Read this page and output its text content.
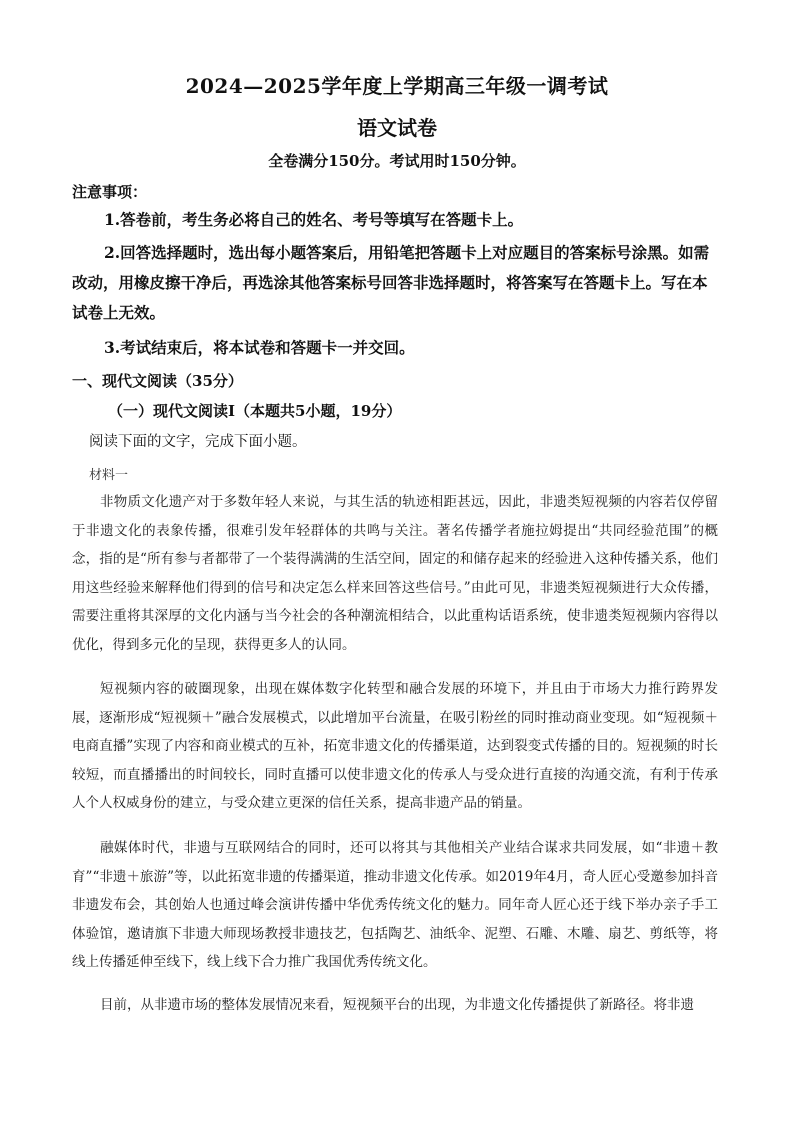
2024—2025学年度上学期高三年级一调考试
语文试卷
全卷满分150分。考试用时150分钟。
注意事项：

1.答卷前，考生务必将自己的姓名、考号等填写在答题卡上。

2.回答选择题时，选出每小题答案后，用铅笔把答题卡上对应题目的答案标号涂黑。如需改动，用橡皮擦干净后，再选涂其他答案标号回答非选择题时，将答案写在答题卡上。写在本试卷上无效。

3.考试结束后，将本试卷和答题卡一并交回。

一、现代文阅读（35分）
（一）现代文阅读Ⅰ（本题共5小题，19分）
阅读下面的文字，完成下面小题。
材料一

非物质文化遗产对于多数年轻人来说，与其生活的轨迹相距甚远，因此，非遗类短视频的内容若仅停留于非遗文化的表象传播，很难引发年轻群体的共鸣与关注。著名传播学者施拉姆提出“共同经验范围”的概念，指的是“所有参与者都带了一个装得满满的生活空间，固定的和储存起来的经验进入这种传播关系，他们用这些经验来解释他们得到的信号和决定怎么样来回答这些信号。”由此可见，非遗类短视频进行大众传播，需要注重将其深厚的文化内涵与当今社会的各种潮流相结合，以此重构话语系统，使非遗类短视频内容得以优化，得到多元化的呈现，获得更多人的认同。

短视频内容的破圈现象，出现在媒体数字化转型和融合发展的环境下，并且由于市场大力推行跨界发展，逐渐形成“短视频＋”融合发展模式，以此增加平台流量，在吸引粉丝的同时推动商业变现。如“短视频＋电商直播”实现了内容和商业模式的互补，拓宽非遗文化的传播渠道，达到裂变式传播的目的。短视频的时长较短，而直播播出的时间较长，同时直播可以使非遗文化的传承人与受众进行直接的沟通交流，有利于传承人个人权威身份的建立，与受众建立更深的信任关系，提高非遗产品的销量。

融媒体时代，非遗与互联网结合的同时，还可以将其与其他相关产业结合谋求共同发展，如“非遗＋教育”“非遗＋旅游”等，以此拓宽非遗的传播渠道，推动非遗文化传承。如2019年4月，奇人匠心受邀参加抖音非遗发布会，其创始人也通过峰会演讲传播中华优秀传统文化的魅力。同年奇人匠心还于线下举办亲子手工体验馆，邀请旗下非遗大师现场教授非遗技艺，包括陶艺、油纸伞、泥塑、石雕、木雕、扇艺、剪纸等，将线上传播延伸至线下，线上线下合力推广我国优秀传统文化。

目前，从非遗市场的整体发展情况来看，短视频平台的出现，为非遗文化传播提供了新路径。将非遗
